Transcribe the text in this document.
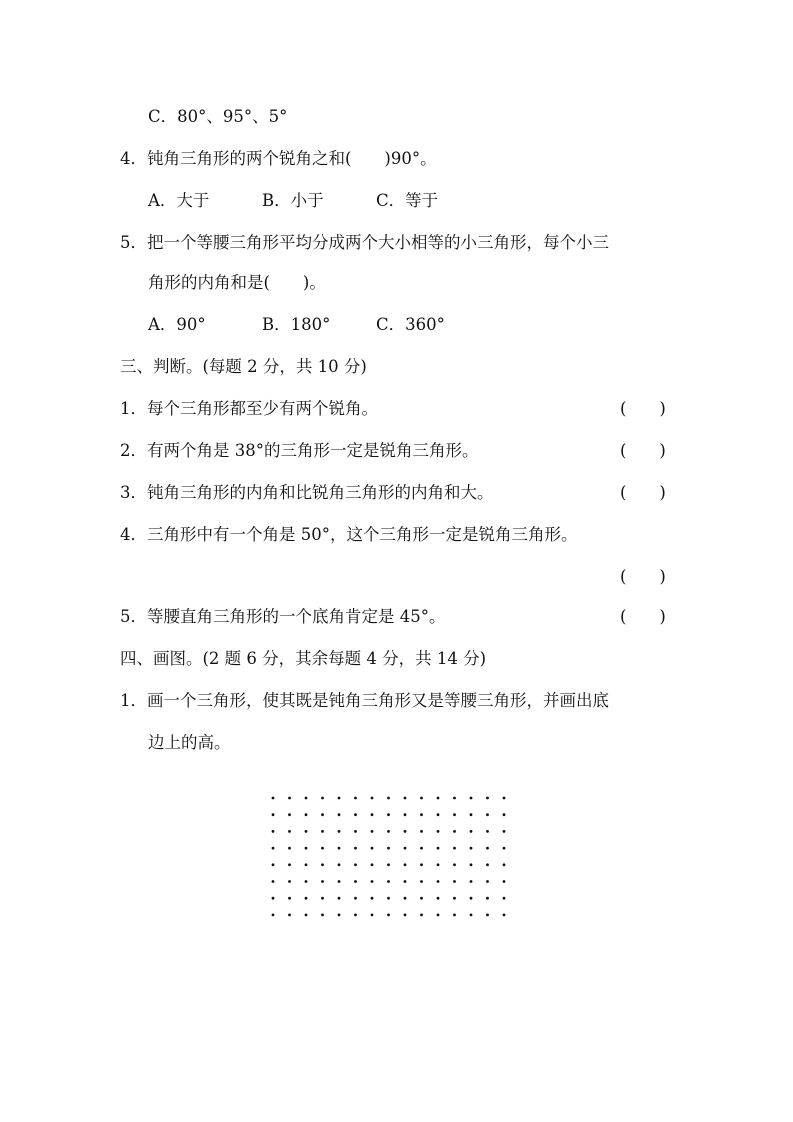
C．80°、95°、5°
4．钝角三角形的两个锐角之和(　　)90°。
A．大于	B．小于	C．等于
5．把一个等腰三角形平均分成两个大小相等的小三角形，每个小三
角形的内角和是(　　)。
A．90°	B．180°	C．360°
三、判断。(每题 2 分，共 10 分)
1．每个三角形都至少有两个锐角。	(　　)
2．有两个角是 38°的三角形一定是锐角三角形。	(　　)
3．钝角三角形的内角和比锐角三角形的内角和大。	(　　)
4．三角形中有一个角是 50°，这个三角形一定是锐角三角形。
(　　)
5．等腰直角三角形的一个底角肯定是 45°。	(　　)
四、画图。(2 题 6 分，其余每题 4 分，共 14 分)
1．画一个三角形，使其既是钝角三角形又是等腰三角形，并画出底
边上的高。
